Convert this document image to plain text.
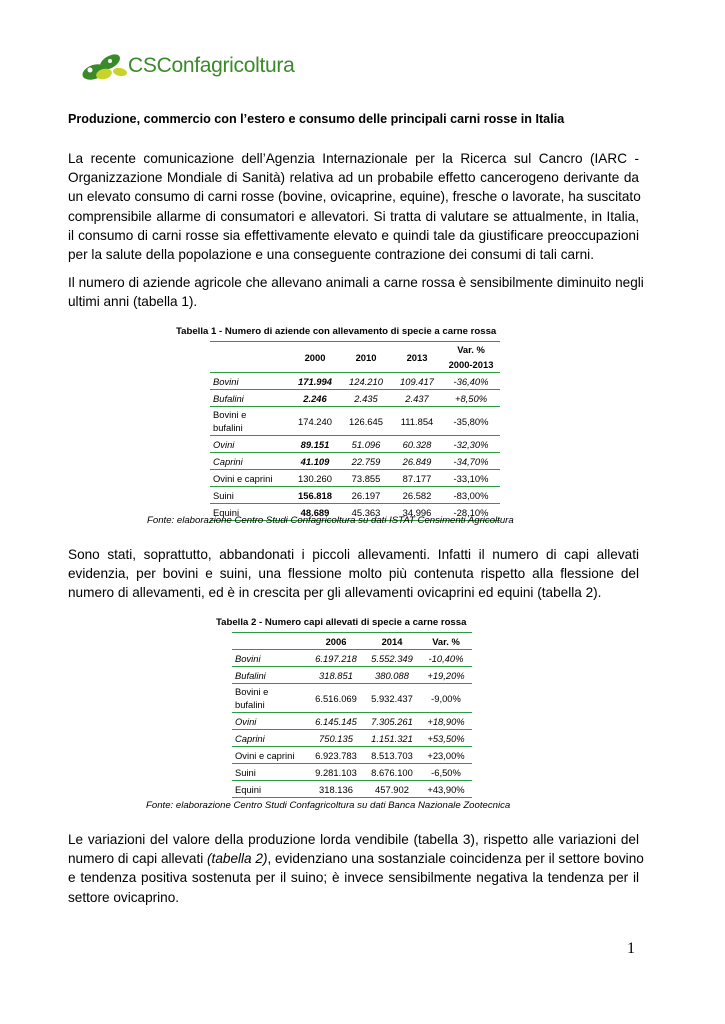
CSConfagricoltura
Produzione, commercio con l’estero e consumo delle principali carni rosse in Italia
La recente comunicazione dell’Agenzia Internazionale per la Ricerca sul Cancro (IARC -
Organizzazione Mondiale di Sanità) relativa ad un probabile effetto cancerogeno derivante da
un elevato consumo di carni rosse (bovine, ovicaprine, equine), fresche o lavorate, ha suscitato
comprensibile allarme di consumatori e allevatori. Si tratta di valutare se attualmente, in Italia,
il consumo di carni rosse sia effettivamente elevato e quindi tale da giustificare preoccupazioni
per la salute della popolazione e una conseguente contrazione dei consumi di tali carni.
Il numero di aziende agricole che allevano animali a carne rossa è sensibilmente diminuito negli
ultimi anni (tabella 1).
Tabella 1 - Numero di aziende con allevamento di specie a carne rossa
	2000	2010	2013	Var. %
2000-2013

Bovini	171.994	124.210	109.417	-36,40%
Bufalini	2.246	2.435	2.437	+8,50%

Bovini e
bufalini	174.240	126.645	111.854	-35,80%
Ovini	89.151	51.096	60.328	-32,30%
Caprini	41.109	22.759	26.849	-34,70%
Ovini e caprini	130.260	73.855	87.177	-33,10%
Suini	156.818	26.197	26.582	-83,00%
Equini	48.689	45.363	34.996	-28,10%
Fonte: elaborazione Centro Studi Confagricoltura su dati ISTAT Censimenti Agricoltura
Sono stati, soprattutto, abbandonati i piccoli allevamenti. Infatti il numero di capi allevati
evidenzia, per bovini e suini, una flessione molto più contenuta rispetto alla flessione del
numero di allevamenti, ed è in crescita per gli allevamenti ovicaprini ed equini (tabella 2).
Tabella 2 - Numero capi allevati di specie a carne rossa
	2006	2014	Var. %
Bovini	6.197.218	5.552.349	-10,40%
Bufalini	318.851	380.088	+19,20%

Bovini e
bufalini	6.516.069	5.932.437	-9,00%
Ovini	6.145.145	7.305.261	+18,90%
Caprini	750.135	1.151.321	+53,50%
Ovini e caprini	6.923.783	8.513.703	+23,00%
Suini	9.281.103	8.676.100	-6,50%
Equini	318.136	457.902	+43,90%
Fonte: elaborazione Centro Studi Confagricoltura su dati Banca Nazionale Zootecnica
Le variazioni del valore della produzione lorda vendibile (tabella 3), rispetto alle variazioni del
numero di capi allevati (tabella 2), evidenziano una sostanziale coincidenza per il settore bovino
e tendenza positiva sostenuta per il suino; è invece sensibilmente negativa la tendenza per il
settore ovicaprino.
1
